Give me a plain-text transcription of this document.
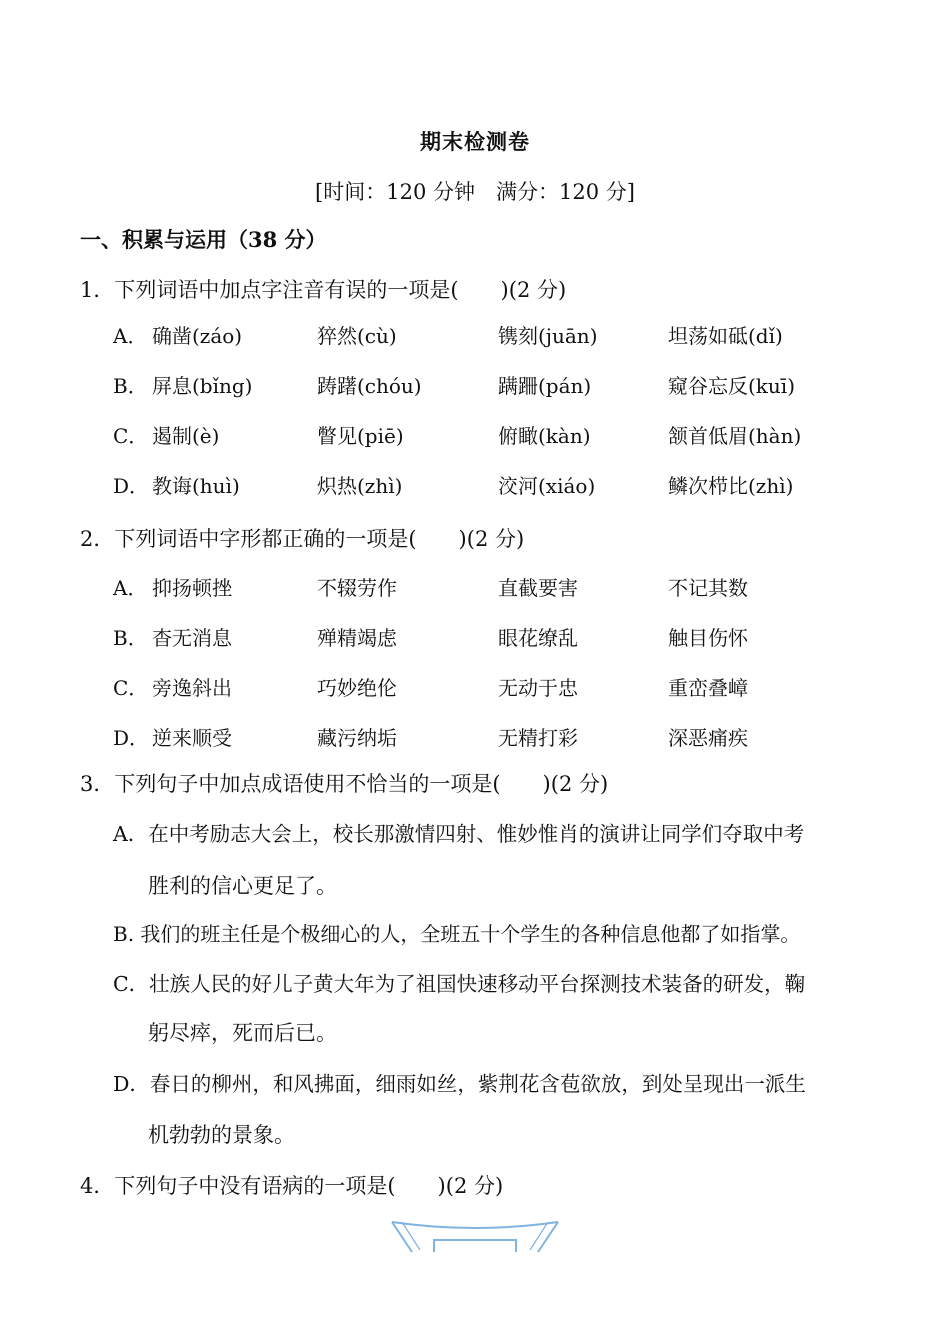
期末检测卷
[时间：120 分钟　满分：120 分]
一、积累与运用（38 分）
1．下列词语中加点字注音有误的一项是(　　)(2 分)
A． 确凿(záo)	猝然(cù)	镌刻(juān)	坦荡如砥(dǐ)
B． 屏息(bǐng)	踌躇(chóu)	蹒跚(pán)	窥谷忘反(kuī)
C． 遏制(è)	瞥见(piē)	俯瞰(kàn)	颔首低眉(hàn)
D． 教诲(huì)	炽热(zhì)	洨河(xiáo)	鳞次栉比(zhì)
2．下列词语中字形都正确的一项是(　　)(2 分)
A． 抑扬顿挫	不辍劳作	直截要害	不记其数
B． 杳无消息	殚精竭虑	眼花缭乱	触目伤怀
C． 旁逸斜出	巧妙绝伦	无动于忠	重峦叠嶂
D． 逆来顺受	藏污纳垢	无精打彩	深恶痛疾
3．下列句子中加点成语使用不恰当的一项是(　　)(2 分)
A．在中考励志大会上，校长那激情四射、惟妙惟肖的演讲让同学们夺取中考
胜利的信心更足了。
B. 我们的班主任是个极细心的人，全班五十个学生的各种信息他都了如指掌。
C．壮族人民的好儿子黄大年为了祖国快速移动平台探测技术装备的研发，鞠
躬尽瘁，死而后已。
D．春日的柳州，和风拂面，细雨如丝，紫荆花含苞欲放，到处呈现出一派生
机勃勃的景象。
4．下列句子中没有语病的一项是(　　)(2 分)
